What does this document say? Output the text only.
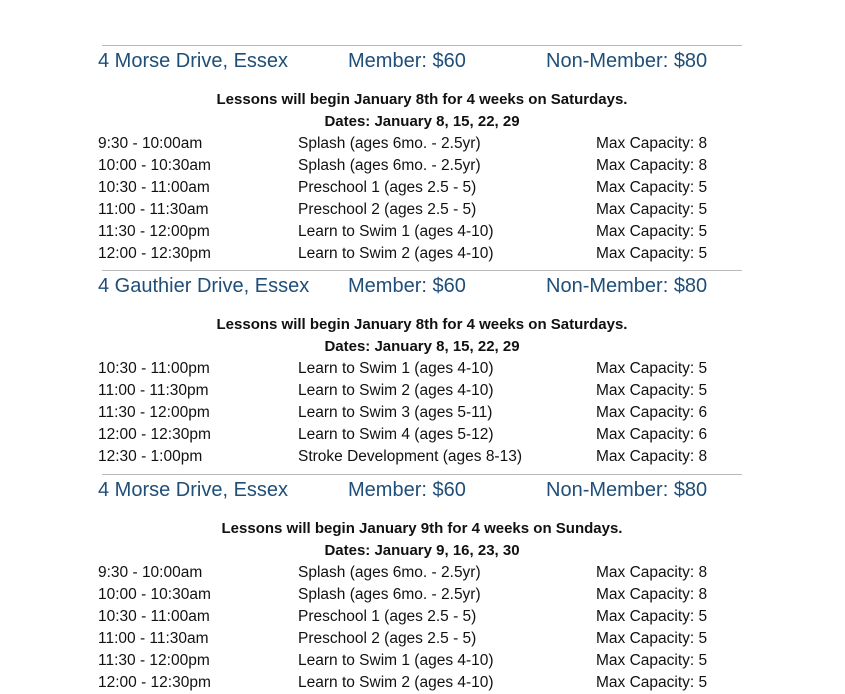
4 Morse Drive, Essex	Member: $60	Non-Member: $80
Lessons will begin January 8th for 4 weeks on Saturdays.
Dates: January 8, 15, 22, 29
9:30 - 10:00am	Splash (ages 6mo. - 2.5yr)	Max Capacity: 8
10:00 - 10:30am	Splash (ages 6mo. - 2.5yr)	Max Capacity: 8
10:30 - 11:00am	Preschool 1 (ages 2.5 - 5)	Max Capacity: 5
11:00 - 11:30am	Preschool 2 (ages 2.5 - 5)	Max Capacity: 5
11:30 - 12:00pm	Learn to Swim 1 (ages 4-10)	Max Capacity: 5
12:00 - 12:30pm	Learn to Swim 2 (ages 4-10)	Max Capacity: 5
4 Gauthier Drive, Essex Member: $60	Non-Member: $80
Lessons will begin January 8th for 4 weeks on Saturdays.
Dates: January 8, 15, 22, 29
10:30 - 11:00pm	Learn to Swim 1 (ages 4-10)	Max Capacity: 5
11:00 - 11:30pm	Learn to Swim 2 (ages 4-10)	Max Capacity: 5
11:30 - 12:00pm	Learn to Swim 3 (ages 5-11)	Max Capacity: 6
12:00 - 12:30pm	Learn to Swim 4 (ages 5-12)	Max Capacity: 6
12:30 - 1:00pm	Stroke Development (ages 8-13)	Max Capacity: 8
4 Morse Drive, Essex	Member: $60	Non-Member: $80
Lessons will begin January 9th for 4 weeks on Sundays.
Dates: January 9, 16, 23, 30
9:30 - 10:00am	Splash (ages 6mo. - 2.5yr)	Max Capacity: 8
10:00 - 10:30am	Splash (ages 6mo. - 2.5yr)	Max Capacity: 8
10:30 - 11:00am	Preschool 1 (ages 2.5 - 5)	Max Capacity: 5
11:00 - 11:30am	Preschool 2 (ages 2.5 - 5)	Max Capacity: 5
11:30 - 12:00pm	Learn to Swim 1 (ages 4-10)	Max Capacity: 5
12:00 - 12:30pm	Learn to Swim 2 (ages 4-10)	Max Capacity: 5
